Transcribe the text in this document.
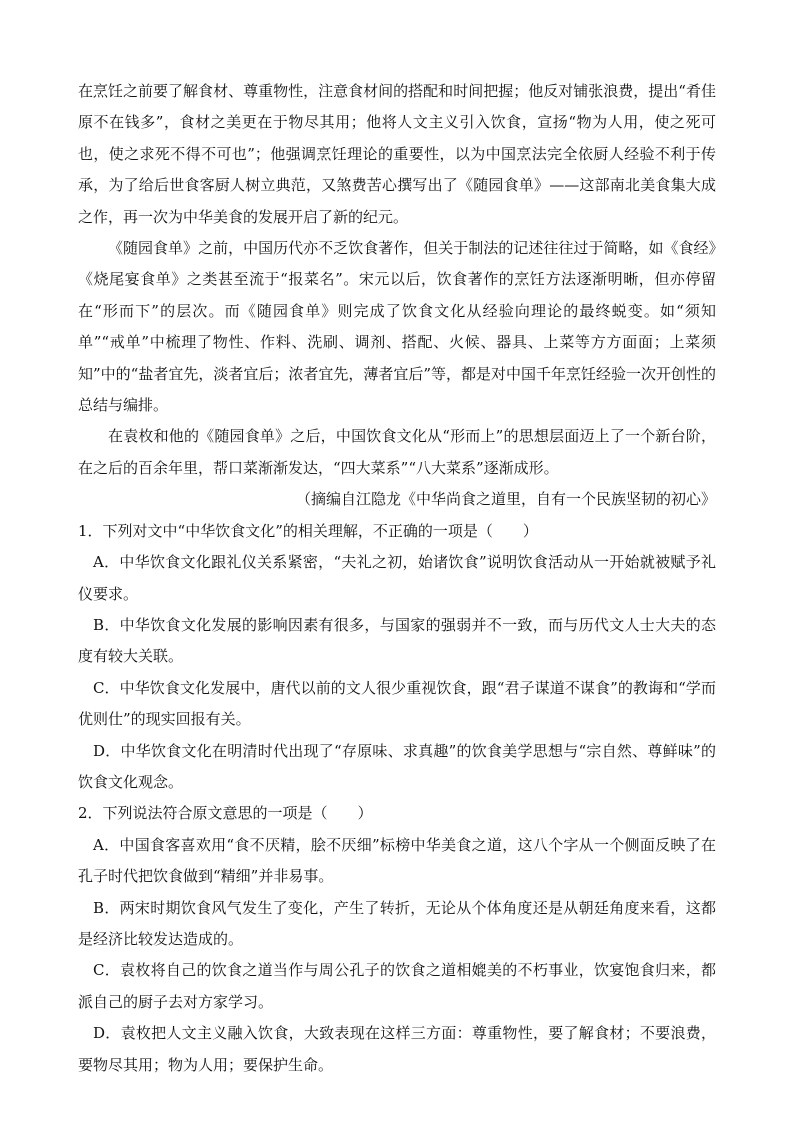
在烹饪之前要了解食材、尊重物性，注意食材间的搭配和时间把握；他反对铺张浪费，提出“肴佳原不在钱多”，食材之美更在于物尽其用；他将人文主义引入饮食，宣扬“物为人用，使之死可也，使之求死不得不可也”；他强调烹饪理论的重要性，以为中国烹法完全依厨人经验不利于传承，为了给后世食客厨人树立典范，又煞费苦心撰写出了《随园食单》——这部南北美食集大成之作，再一次为中华美食的发展开启了新的纪元。

《随园食单》之前，中国历代亦不乏饮食著作，但关于制法的记述往往过于简略，如《食经》《烧尾宴食单》之类甚至流于“报菜名”。宋元以后，饮食著作的烹饪方法逐渐明晰，但亦停留在“形而下”的层次。而《随园食单》则完成了饮食文化从经验向理论的最终蜕变。如“须知单”“戒单”中梳理了物性、作料、洗刷、调剂、搭配、火候、器具、上菜等方方面面；上菜须知”中的“盐者宜先，淡者宜后；浓者宜先，薄者宜后”等，都是对中国千年烹饪经验一次开创性的总结与编排。

在袁枚和他的《随园食单》之后，中国饮食文化从“形而上”的思想层面迈上了一个新台阶，在之后的百余年里，帮口菜渐渐发达，“四大菜系”“八大菜系”逐渐成形。

（摘编自江隐龙《中华尚食之道里，自有一个民族坚韧的初心》

1．下列对文中“中华饮食文化”的相关理解，不正确的一项是（　　）

A．中华饮食文化跟礼仪关系紧密，“夫礼之初，始诸饮食”说明饮食活动从一开始就被赋予礼仪要求。

B．中华饮食文化发展的影响因素有很多，与国家的强弱并不一致，而与历代文人士大夫的态度有较大关联。

C．中华饮食文化发展中，唐代以前的文人很少重视饮食，跟“君子谋道不谋食”的教诲和“学而优则仕”的现实回报有关。

D．中华饮食文化在明清时代出现了“存原味、求真趣”的饮食美学思想与“宗自然、尊鲜味”的饮食文化观念。

2．下列说法符合原文意思的一项是（　　）

A．中国食客喜欢用“食不厌精，脍不厌细”标榜中华美食之道，这八个字从一个侧面反映了在孔子时代把饮食做到“精细”并非易事。

B．两宋时期饮食风气发生了变化，产生了转折，无论从个体角度还是从朝廷角度来看，这都是经济比较发达造成的。

C．袁枚将自己的饮食之道当作与周公孔子的饮食之道相媲美的不朽事业，饮宴饱食归来，都派自己的厨子去对方家学习。

D．袁枚把人文主义融入饮食，大致表现在这样三方面：尊重物性，要了解食材；不要浪费，要物尽其用；物为人用；要保护生命。
